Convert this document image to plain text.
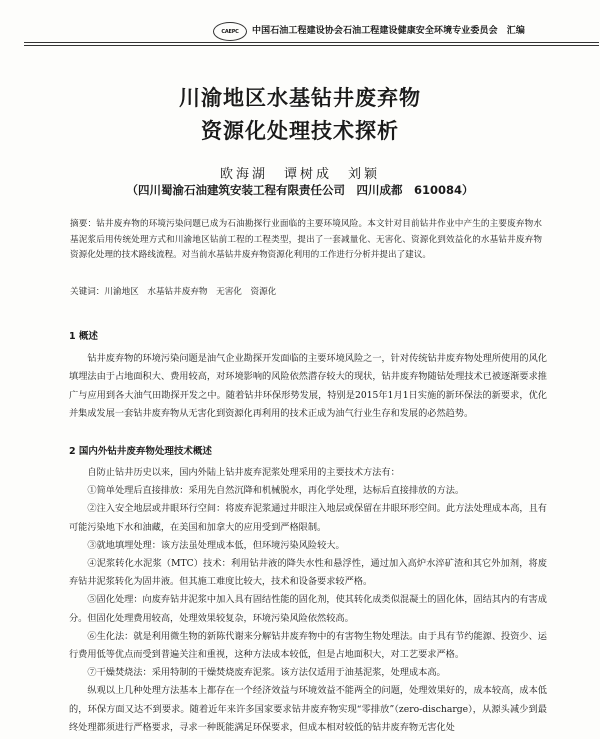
CAEPC 中国石油工程建设协会石油工程建设健康安全环境专业委员会　汇编
川渝地区水基钻井废弃物
资源化处理技术探析
欧海湖　谭树成　刘颖
（四川蜀渝石油建筑安装工程有限责任公司　四川成都　610084）
摘要：钻井废弃物的环境污染问题已成为石油勘探行业面临的主要环境风险。本文针对目前钻井作业中产生的主要废弃物水基泥浆后用传统处理方式和川渝地区钻前工程的工程类型，提出了一套减量化、无害化、资源化到效益化的水基钻井废弃物资源化处理的技术路线流程。对当前水基钻井废弃物资源化利用的工作进行分析并提出了建议。
关键词：川渝地区　水基钻井废弃物　无害化　资源化
1 概述
钻井废弃物的环境污染问题是油气企业勘探开发面临的主要环境风险之一，针对传统钻井废弃物处理所使用的风化填埋法由于占地面积大、费用较高，对环境影响的风险依然潜存较大的现状，钻井废弃物随钻处理技术已被逐渐要求推广与应用到各大油气田勘探开发之中。随着钻井环保形势发展，特别是2015年1月1日实施的新环保法的新要求，优化并集成发展一套钻井废弃物从无害化到资源化再利用的技术正成为油气行业生存和发展的必然趋势。
2 国内外钻井废弃物处理技术概述

自防止钻井历史以来，国内外陆上钻井废弃泥浆处理采用的主要技术方法有：

①简单处理后直接排放：采用先自然沉降和机械脱水，再化学处理，达标后直接排放的方法。

②注入安全地层或井眼环行空间：将废弃泥浆通过井眼注入地层或保留在井眼环形空间。此方法处理成本高，且有可能污染地下水和油藏，在美国和加拿大的应用受到严格限制。

③就地填埋处理：该方法虽处理成本低，但环境污染风险较大。

④泥浆转化水泥浆（MTC）技术：利用钻井液的降失水性和悬浮性，通过加入高炉水淬矿渣和其它外加剂，将废弃钻井泥浆转化为固井液。但其施工难度比较大，技术和设备要求较严格。

⑤固化处理：向废弃钻井泥浆中加入具有固结性能的固化剂，使其转化成类似混凝土的固化体，固结其内的有害成分。但固化处理费用较高，处理效果较复杂，环境污染风险依然较高。

⑥生化法：就是利用微生物的新陈代谢来分解钻井废弃物中的有害物生物处理法。由于具有节约能源、投资少、运行费用低等优点而受到普遍关注和重视，这种方法成本较低，但是占地面积大，对工艺要求严格。

⑦干燥焚烧法：采用特制的干燥焚烧废弃泥浆。该方法仅适用于油基泥浆，处理成本高。

纵观以上几种处理方法基本上都存在一个经济效益与环境效益不能两全的问题，处理效果好的，成本较高，成本低的，环保方面又达不到要求。随着近年来许多国家要求钻井废弃物实现“零排放”（zero-discharge），从源头减少到最终处理都须进行严格要求，寻求一种既能满足环保要求，但成本相对较低的钻井废弃物无害化处
